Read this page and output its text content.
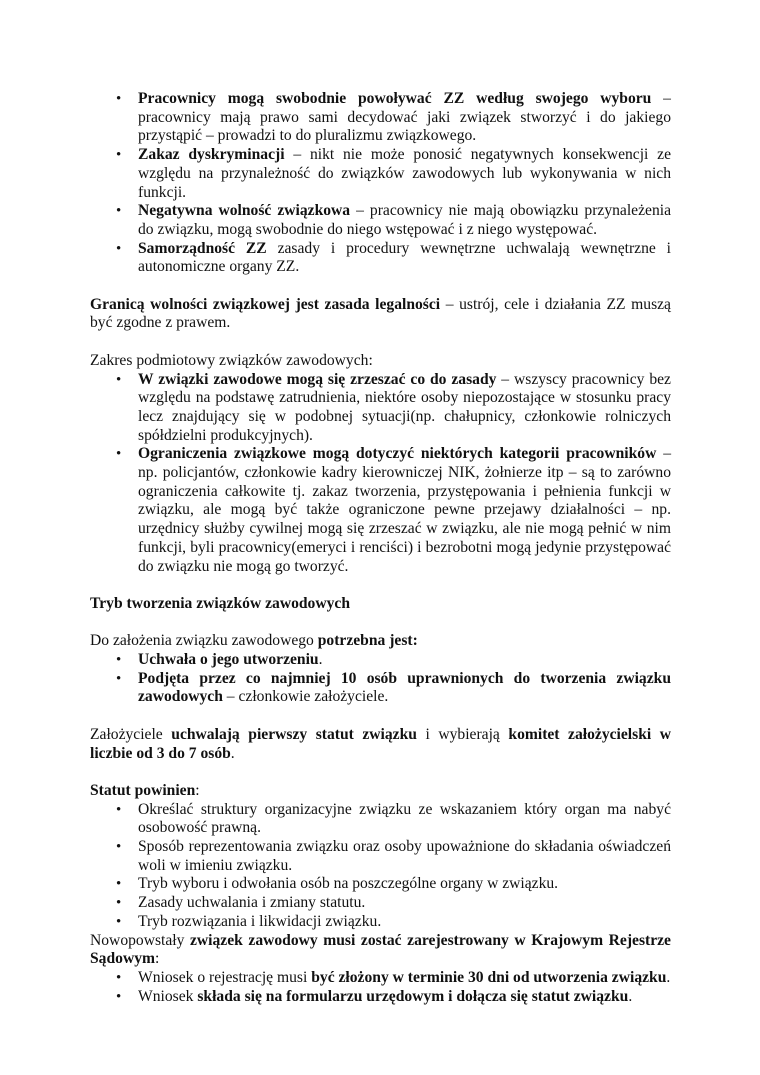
• Pracownicy mogą swobodnie powoływać ZZ według swojego wyboru – pracownicy mają prawo sami decydować jaki związek stworzyć i do jakiego przystąpić – prowadzi to do pluralizmu związkowego.
• Zakaz dyskryminacji – nikt nie może ponosić negatywnych konsekwencji ze względu na przynależność do związków zawodowych lub wykonywania w nich funkcji.
• Negatywna wolność związkowa – pracownicy nie mają obowiązku przynależenia do związku, mogą swobodnie do niego wstępować i z niego występować.
• Samorządność ZZ zasady i procedury wewnętrzne uchwalają wewnętrzne i autonomiczne organy ZZ.

Granicą wolności związkowej jest zasada legalności – ustrój, cele i działania ZZ muszą być zgodne z prawem.

Zakres podmiotowy związków zawodowych:

• W związki zawodowe mogą się zrzeszać co do zasady – wszyscy pracownicy bez względu na podstawę zatrudnienia, niektóre osoby niepozostające w stosunku pracy lecz znajdujący się w podobnej sytuacji(np. chałupnicy, członkowie rolniczych spółdzielni produkcyjnych).
• Ograniczenia związkowe mogą dotyczyć niektórych kategorii pracowników – np. policjantów, członkowie kadry kierowniczej NIK, żołnierze itp – są to zarówno ograniczenia całkowite tj. zakaz tworzenia, przystępowania i pełnienia funkcji w związku, ale mogą być także ograniczone pewne przejawy działalności – np. urzędnicy służby cywilnej mogą się zrzeszać w związku, ale nie mogą pełnić w nim funkcji, byli pracownicy(emeryci i renciści) i bezrobotni mogą jedynie przystępować do związku nie mogą go tworzyć.

Tryb tworzenia związków zawodowych

Do założenia związku zawodowego potrzebna jest:

• Uchwała o jego utworzeniu.
• Podjęta przez co najmniej 10 osób uprawnionych do tworzenia związku zawodowych – członkowie założyciele.

Założyciele uchwalają pierwszy statut związku i wybierają komitet założycielski w liczbie od 3 do 7 osób.

Statut powinien:

• Określać struktury organizacyjne związku ze wskazaniem który organ ma nabyć osobowość prawną.
• Sposób reprezentowania związku oraz osoby upoważnione do składania oświadczeń woli w imieniu związku.
• Tryb wyboru i odwołania osób na poszczególne organy w związku.
• Zasady uchwalania i zmiany statutu.
• Tryb rozwiązania i likwidacji związku.

Nowopowstały związek zawodowy musi zostać zarejestrowany w Krajowym Rejestrze Sądowym:

• Wniosek o rejestrację musi być złożony w terminie 30 dni od utworzenia związku.
• Wniosek składa się na formularzu urzędowym i dołącza się statut związku.
